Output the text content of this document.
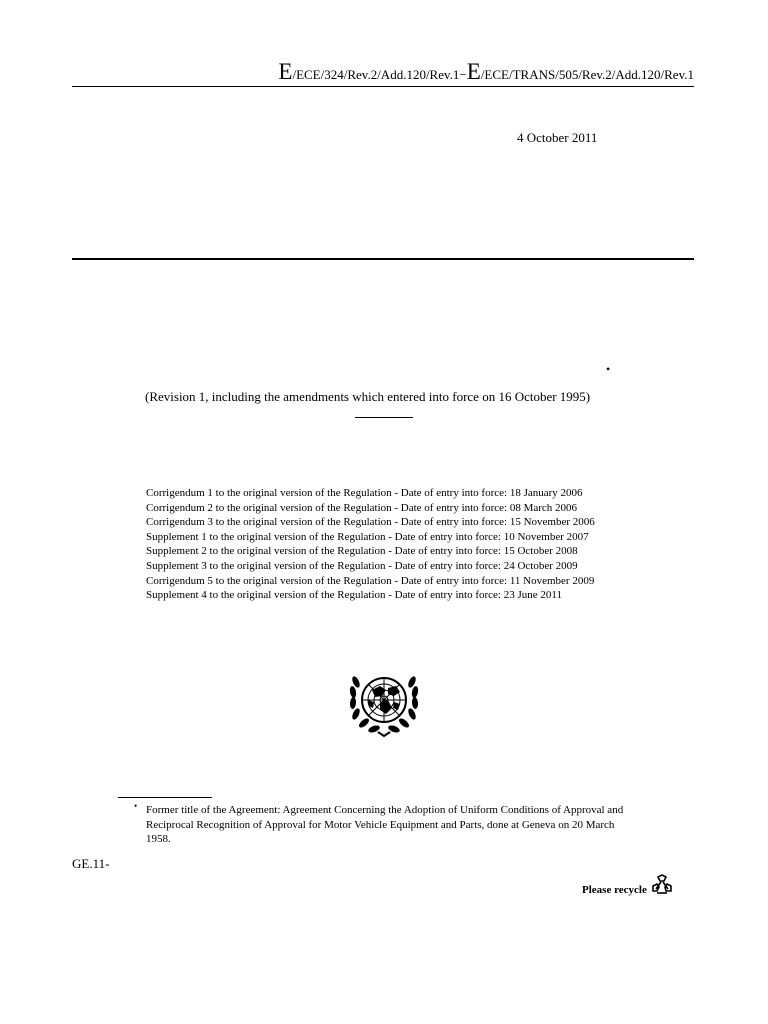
E/ECE/324/Rev.2/Add.120/Rev.1−E/ECE/TRANS/505/Rev.2/Add.120/Rev.1
4 October 2011
•
(Revision 1, including the amendments which entered into force on 16 October 1995)
Corrigendum 1 to the original version of the Regulation - Date of entry into force: 18 January 2006
Corrigendum 2 to the original version of the Regulation - Date of entry into force: 08 March 2006
Corrigendum 3 to the original version of the Regulation - Date of entry into force: 15 November 2006
Supplement 1 to the original version of the Regulation - Date of entry into force: 10 November 2007
Supplement 2 to the original version of the Regulation - Date of entry into force: 15 October 2008
Supplement 3 to the original version of the Regulation - Date of entry into force: 24 October 2009
Corrigendum 5 to the original version of the Regulation - Date of entry into force: 11 November 2009
Supplement 4 to the original version of the Regulation - Date of entry into force: 23 June 2011
• Former title of the Agreement: Agreement Concerning the Adoption of Uniform Conditions of Approval and Reciprocal Recognition of Approval for Motor Vehicle Equipment and Parts, done at Geneva on 20 March 1958.
GE.11-
Please recycle
